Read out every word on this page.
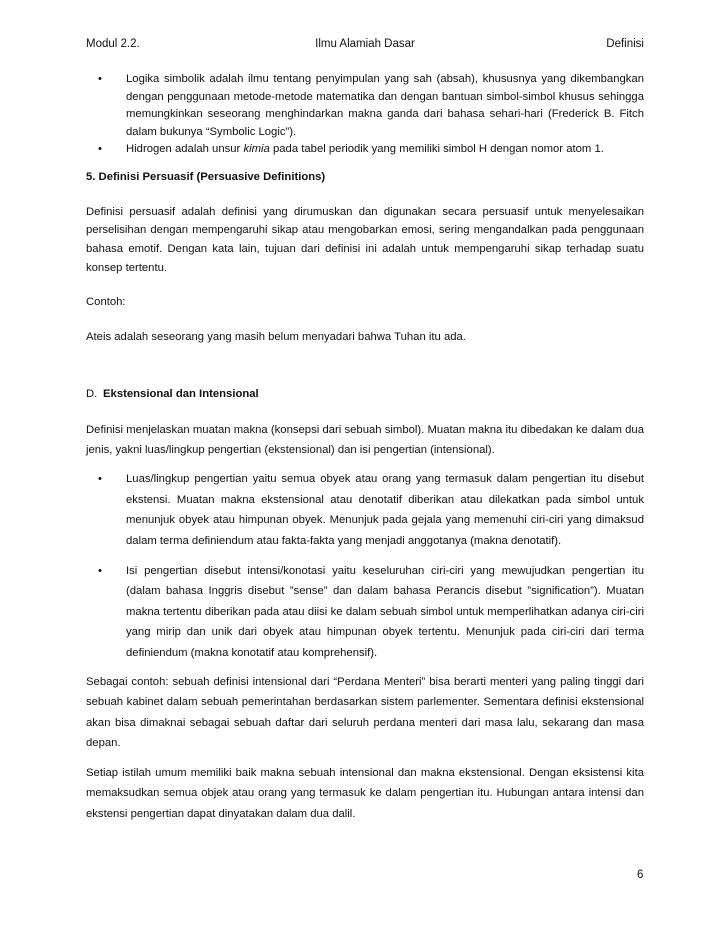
Modul 2.2.	Ilmu Alamiah Dasar	Definisi
• Logika simbolik adalah ilmu tentang penyimpulan yang sah (absah), khususnya yang dikembangkan dengan penggunaan metode-metode matematika dan dengan bantuan simbol-simbol khusus sehingga memungkinkan seseorang menghindarkan makna ganda dari bahasa sehari-hari (Frederick B. Fitch dalam bukunya “Symbolic Logic”).
• Hidrogen adalah unsur kimia pada tabel periodik yang memiliki simbol H dengan nomor atom 1.

5. Definisi Persuasif (Persuasive Definitions)

Definisi persuasif adalah definisi yang dirumuskan dan digunakan secara persuasif untuk menyelesaikan perselisihan dengan mempengaruhi sikap atau mengobarkan emosi, sering mengandalkan pada penggunaan bahasa emotif. Dengan kata lain, tujuan dari definisi ini adalah untuk mempengaruhi sikap terhadap suatu konsep tertentu.

Contoh:

Ateis adalah seseorang yang masih belum menyadari bahwa Tuhan itu ada.

D. Ekstensional dan Intensional

Definisi menjelaskan muatan makna (konsepsi dari sebuah simbol). Muatan makna itu dibedakan ke dalam dua jenis, yakni luas/lingkup pengertian (ekstensional) dan isi pengertian (intensional).

• Luas/lingkup pengertian yaitu semua obyek atau orang yang termasuk dalam pengertian itu disebut ekstensi. Muatan makna ekstensional atau denotatif diberikan atau dilekatkan pada simbol untuk menunjuk obyek atau himpunan obyek. Menunjuk pada gejala yang memenuhi ciri-ciri yang dimaksud dalam terma definiendum atau fakta-fakta yang menjadi anggotanya (makna denotatif).
• Isi pengertian disebut intensi/konotasi yaitu keseluruhan ciri-ciri yang mewujudkan pengertian itu (dalam bahasa Inggris disebut ”sense” dan dalam bahasa Perancis disebut ”signification”). Muatan makna tertentu diberikan pada atau diisi ke dalam sebuah simbol untuk memperlihatkan adanya ciri-ciri yang mirip dan unik dari obyek atau himpunan obyek tertentu. Menunjuk pada ciri-ciri dari terma definiendum (makna konotatif atau komprehensif).

Sebagai contoh: sebuah definisi intensional dari “Perdana Menteri” bisa berarti menteri yang paling tinggi dari sebuah kabinet dalam sebuah pemerintahan berdasarkan sistem parlementer. Sementara definisi ekstensional akan bisa dimaknai sebagai sebuah daftar dari seluruh perdana menteri dari masa lalu, sekarang dan masa depan.

Setiap istilah umum memiliki baik makna sebuah intensional dan makna ekstensional. Dengan eksistensi kita memaksudkan semua objek atau orang yang termasuk ke dalam pengertian itu. Hubungan antara intensi dan ekstensi pengertian dapat dinyatakan dalam dua dalil.

6
